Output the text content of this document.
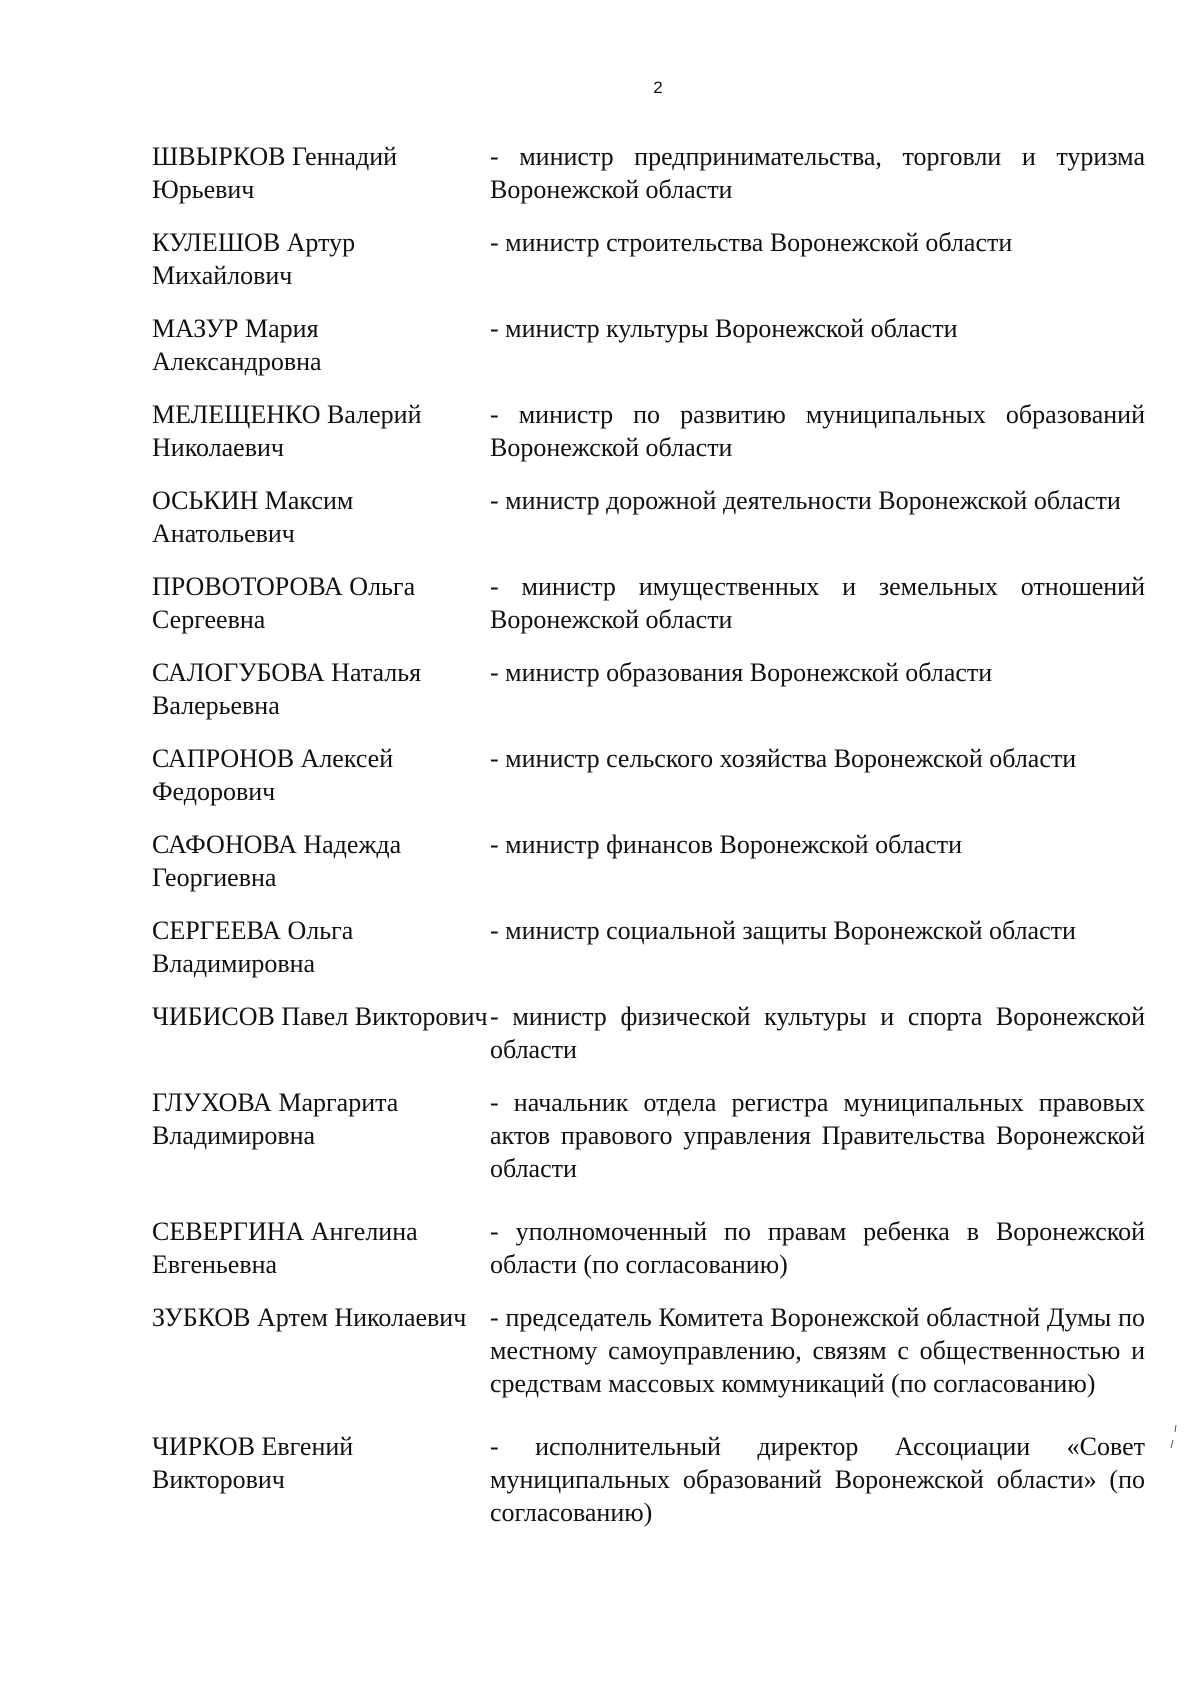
2
ШВЫРКОВ Геннадий Юрьевич
- министр предпринимательства, торговли и туризма Воронежской области
КУЛЕШОВ Артур Михайлович
- министр строительства Воронежской области
МАЗУР Мария Александровна
- министр культуры Воронежской области
МЕЛЕЩЕНКО Валерий Николаевич
- министр по развитию муниципальных образований Воронежской области
ОСЬКИН Максим Анатольевич
- министр дорожной деятельности Воронежской области
ПРОВОТОРОВА Ольга Сергеевна
- министр имущественных и земельных отношений Воронежской области
САЛОГУБОВА Наталья Валерьевна
- министр образования Воронежской области
САПРОНОВ Алексей Федорович
- министр сельского хозяйства Воронежской области
САФОНОВА Надежда Георгиевна
- министр финансов Воронежской области
СЕРГЕЕВА Ольга Владимировна
- министр социальной защиты Воронежской области
ЧИБИСОВ Павел Викторович - министр физической культуры и спорта Воронежской области
ГЛУХОВА Маргарита Владимировна
- начальник отдела регистра муниципальных правовых актов правового управления Правительства Воронежской области
СЕВЕРГИНА Ангелина Евгеньевна
- уполномоченный по правам ребенка в Воронежской области (по согласованию)
ЗУБКОВ Артем Николаевич - председатель Комитета Воронежской областной Думы по местному самоуправлению, связям с общественностью и средствам массовых коммуникаций (по согласованию)
ЧИРКОВ Евгений Викторович
- исполнительный директор Ассоциации «Совет муниципальных образований Воронежской области» (по согласованию)
